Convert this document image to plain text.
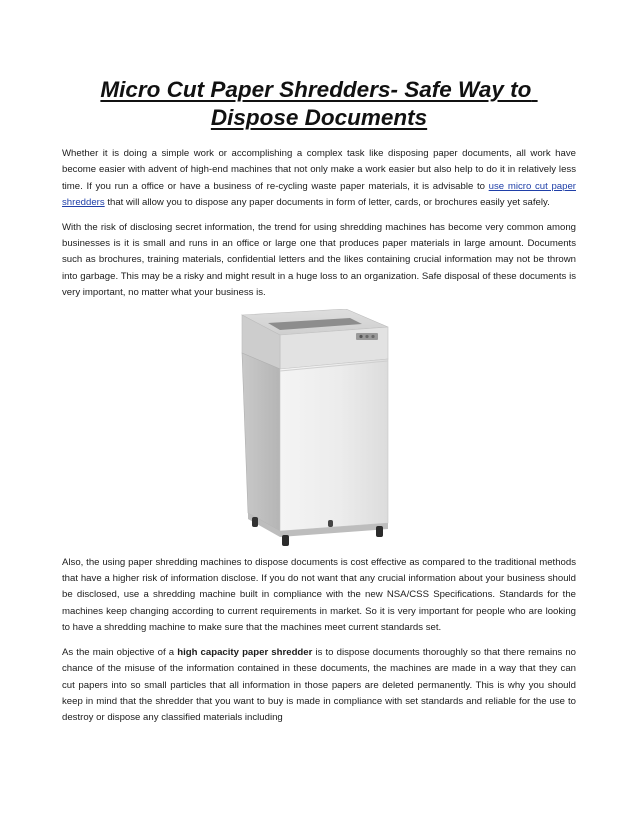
Micro Cut Paper Shredders- Safe Way to
Dispose Documents

Whether it is doing a simple work or accomplishing a complex task like disposing paper documents, all work have become easier with advent of high-end machines that not only make a work easier but also help to do it in relatively less time. If you run a office or have a business of re-cycling waste paper materials, it is advisable to use micro cut paper shredders that will allow you to dispose any paper documents in form of letter, cards, or brochures easily yet safely.

With the risk of disclosing secret information, the trend for using shredding machines has become very common among businesses is it is small and runs in an office or large one that produces paper materials in large amount. Documents such as brochures, training materials, confidential letters and the likes containing crucial information may not be thrown into garbage. This may be a risky and might result in a huge loss to an organization. Safe disposal of these documents is very important, no matter what your business is.

Also, the using paper shredding machines to dispose documents is cost effective as compared to the traditional methods that have a higher risk of information disclose. If you do not want that any crucial information about your business should be disclosed, use a shredding machine built in compliance with the new NSA/CSS Specifications. Standards for the machines keep changing according to current requirements in market. So it is very important for people who are looking to have a shredding machine to make sure that the machines meet current standards set.

As the main objective of a high capacity paper shredder is to dispose documents thoroughly so that there remains no chance of the misuse of the information contained in these documents, the machines are made in a way that they can cut papers into so small particles that all information in those papers are deleted permanently. This is why you should keep in mind that the shredder that you want to buy is made in compliance with set standards and reliable for the use to destroy or dispose any classified materials including
